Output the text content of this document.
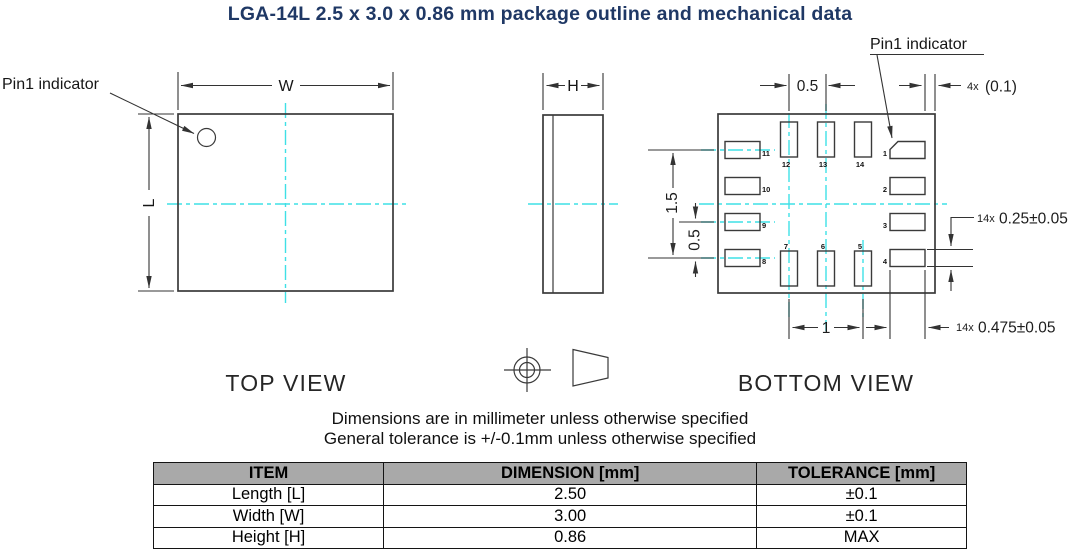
LGA-14L 2.5 x 3.0 x 0.86 mm package outline and mechanical data
W
L
Pin1 indicator
TOP VIEW
H
11
10
9
8
12	13	14
1
2
3
4
7	6	5
0.5	4x (0.1)
Pin1 indicator
1.5
0.5
14x 0.25±0.05
1	14x 0.475±0.05
BOTTOM VIEW
Dimensions are in millimeter unless otherwise specified
General tolerance is +/-0.1mm unless otherwise specified
ITEM	DIMENSION [mm]	TOLERANCE [mm]
Length [L]	2.50	±0.1
Width [W]	3.00	±0.1
Height [H]	0.86	MAX
